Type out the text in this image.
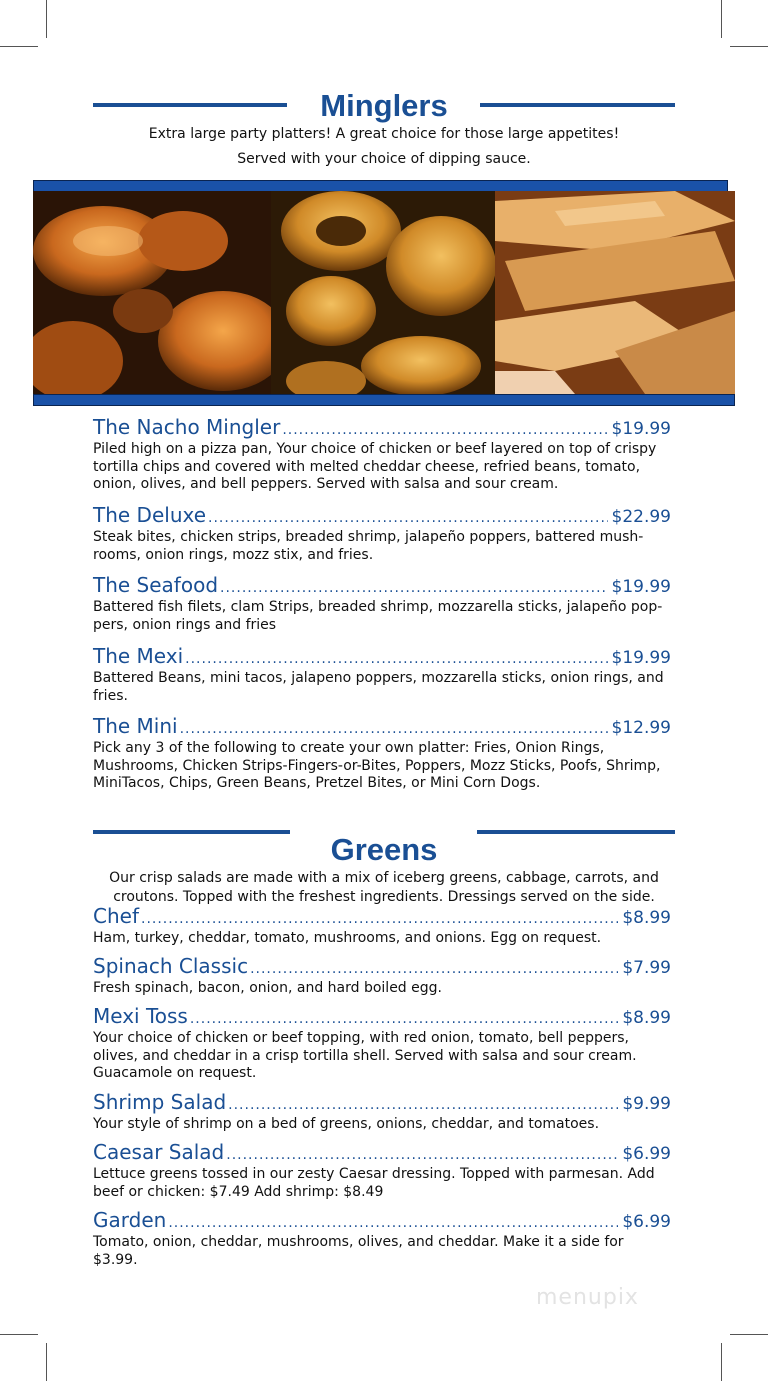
Minglers

Extra large party platters! A great choice for those large appetites!

Served with your choice of dipping sauce.

The Nacho Mingler .....	$19.99

Piled high on a pizza pan, Your choice of chicken or beef layered on top of crispy tortilla chips and covered with melted cheddar cheese, refried beans, tomato, onion, olives, and bell peppers. Served with salsa and sour cream.

The Deluxe .....	$22.99

Steak bites, chicken strips, breaded shrimp, jalapeño poppers, battered mush-rooms, onion rings, mozz stix, and fries.

The Seafood .....	$19.99

Battered fish filets, clam Strips, breaded shrimp, mozzarella sticks, jalapeño pop-pers, onion rings and fries

The Mexi .....	$19.99

Battered Beans, mini tacos, jalapeno poppers, mozzarella sticks, onion rings, and fries.

The Mini .....	$12.99

Pick any 3 of the following to create your own platter: Fries, Onion Rings, Mushrooms, Chicken Strips-Fingers-or-Bites, Poppers, Mozz Sticks, Poofs, Shrimp, MiniTacos, Chips, Green Beans, Pretzel Bites, or Mini Corn Dogs.

Greens

Our crisp salads are made with a mix of iceberg greens, cabbage, carrots, and croutons. Topped with the freshest ingredients. Dressings served on the side.

Chef .....	$8.99

Ham, turkey, cheddar, tomato, mushrooms, and onions. Egg on request.

Spinach Classic .....	$7.99

Fresh spinach, bacon, onion, and hard boiled egg.

Mexi Toss .....	$8.99

Your choice of chicken or beef topping, with red onion, tomato, bell peppers, olives, and cheddar in a crisp tortilla shell. Served with salsa and sour cream. Guacamole on request.

Shrimp Salad .....	$9.99

Your style of shrimp on a bed of greens, onions, cheddar, and tomatoes.

Caesar Salad .....	$6.99

Lettuce greens tossed in our zesty Caesar dressing. Topped with parmesan. Add beef or chicken: $7.49 Add shrimp: $8.49

Garden .....	$6.99

Tomato, onion, cheddar, mushrooms, olives, and cheddar. Make it a side for $3.99.

menupix
